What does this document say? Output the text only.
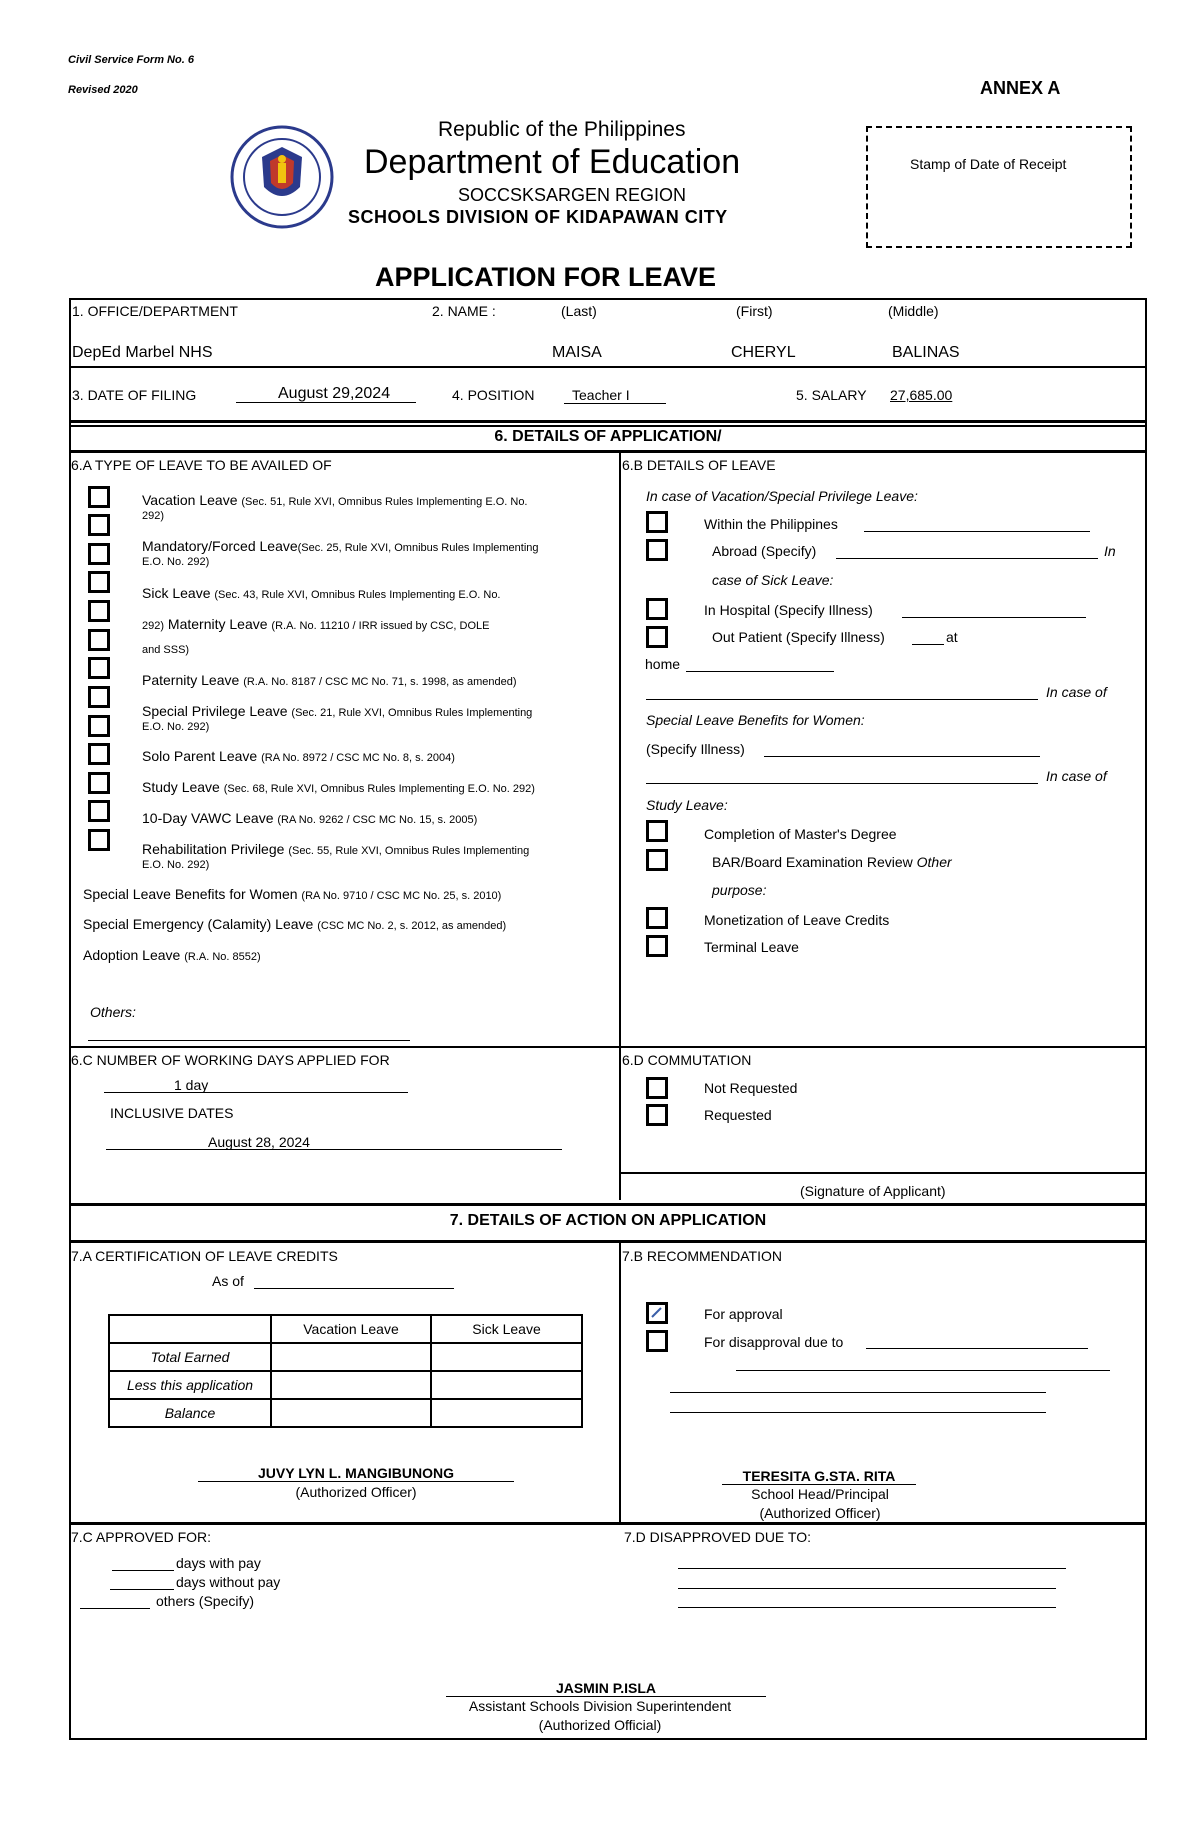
Civil Service Form No. 6
Revised 2020	ANNEX A
Republic of the Philippines
Department of Education
SOCCSKSARGEN REGION
SCHOOLS DIVISION OF KIDAPAWAN CITY
Stamp of Date of Receipt
APPLICATION FOR LEAVE
1. OFFICE/DEPARTMENT	2. NAME :	(Last)	(First)	(Middle)
DepEd Marbel NHS	MAISA	CHERYL	BALINAS
3. DATE OF FILING	August 29,2024	4. POSITION	Teacher I	5. SALARY 27,685.00
6. DETAILS OF APPLICATION/
6.A TYPE OF LEAVE TO BE AVAILED OF
Vacation Leave (Sec. 51, Rule XVI, Omnibus Rules Implementing E.O. No.
292)
Mandatory/Forced Leave(Sec. 25, Rule XVI, Omnibus Rules Implementing
E.O. No. 292)
Sick Leave (Sec. 43, Rule XVI, Omnibus Rules Implementing E.O. No.
292) Maternity Leave (R.A. No. 11210 / IRR issued by CSC, DOLE
and SSS)
Paternity Leave (R.A. No. 8187 / CSC MC No. 71, s. 1998, as amended)
Special Privilege Leave (Sec. 21, Rule XVI, Omnibus Rules Implementing
E.O. No. 292)
Solo Parent Leave (RA No. 8972 / CSC MC No. 8, s. 2004)
Study Leave (Sec. 68, Rule XVI, Omnibus Rules Implementing E.O. No. 292)
10-Day VAWC Leave (RA No. 9262 / CSC MC No. 15, s. 2005)
Rehabilitation Privilege (Sec. 55, Rule XVI, Omnibus Rules Implementing
E.O. No. 292)
Special Leave Benefits for Women (RA No. 9710 / CSC MC No. 25, s. 2010)
Special Emergency (Calamity) Leave (CSC MC No. 2, s. 2012, as amended)
Adoption Leave (R.A. No. 8552)
Others:
6.B DETAILS OF LEAVE
In case of Vacation/Special Privilege Leave:
Within the Philippines
Abroad (Specify)	In
case of Sick Leave:
In Hospital (Specify Illness)
Out Patient (Specify Illness)	at
home
In case of
Special Leave Benefits for Women:
(Specify Illness)
In case of
Study Leave:
Completion of Master's Degree
BAR/Board Examination Review Other
purpose:
Monetization of Leave Credits
Terminal Leave
6.C NUMBER OF WORKING DAYS APPLIED FOR
1 day
INCLUSIVE DATES
August 28, 2024
6.D COMMUTATION
Not Requested
Requested
(Signature of Applicant)
7. DETAILS OF ACTION ON APPLICATION
7.A CERTIFICATION OF LEAVE CREDITS
As of
	Vacation Leave	Sick Leave
Total Earned		
Less this application		
Balance		
JUVY LYN L. MANGIBUNONG
(Authorized Officer)
7.B RECOMMENDATION
For approval
For disapproval due to
TERESITA G.STA. RITA
School Head/Principal
(Authorized Officer)
7.C APPROVED FOR:
days with pay
days without pay
others (Specify)
7.D DISAPPROVED DUE TO:
JASMIN P.ISLA
Assistant Schools Division Superintendent
(Authorized Official)
